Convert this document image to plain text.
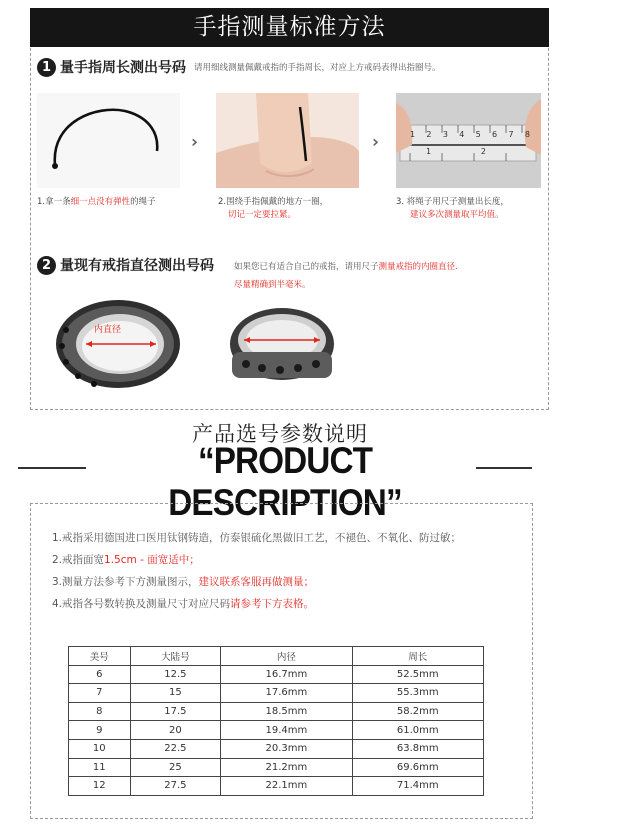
手指测量标准方法
1 量手指周长测出号码 请用细线测量佩戴戒指的手指周长，对应上方戒码表得出指圈号。
›››	›››	1 2 3 4 5 6 7 8
1	2
1.拿一条细一点没有弹性的绳子	2.围绕手指佩戴的地方一圈，
切记一定要拉紧。
3. 将绳子用尺子测量出长度，
建议多次测量取平均值。
2 量现有戒指直径测出号码 如果您已有适合自己的戒指，请用尺子测量戒指的内圈直径.
尽量精确到半毫米。
内直径
产品选号参数说明
“PRODUCT DESCRIPTION”
1.戒指采用德国进口医用钛钢铸造，仿泰银硫化黑做旧工艺，不褪色、不氧化、防过敏；
2.戒指面宽1.5cm - 面宽适中；
3.测量方法参考下方测量图示，建议联系客服再做测量；
4.戒指各号数转换及测量尺寸对应尺码请参考下方表格。
美号	大陆号	内径	周长
6	12.5	16.7mm	52.5mm
7	15	17.6mm	55.3mm
8	17.5	18.5mm	58.2mm
9	20	19.4mm	61.0mm
10	22.5	20.3mm	63.8mm
11	25	21.2mm	69.6mm
12	27.5	22.1mm	71.4mm
